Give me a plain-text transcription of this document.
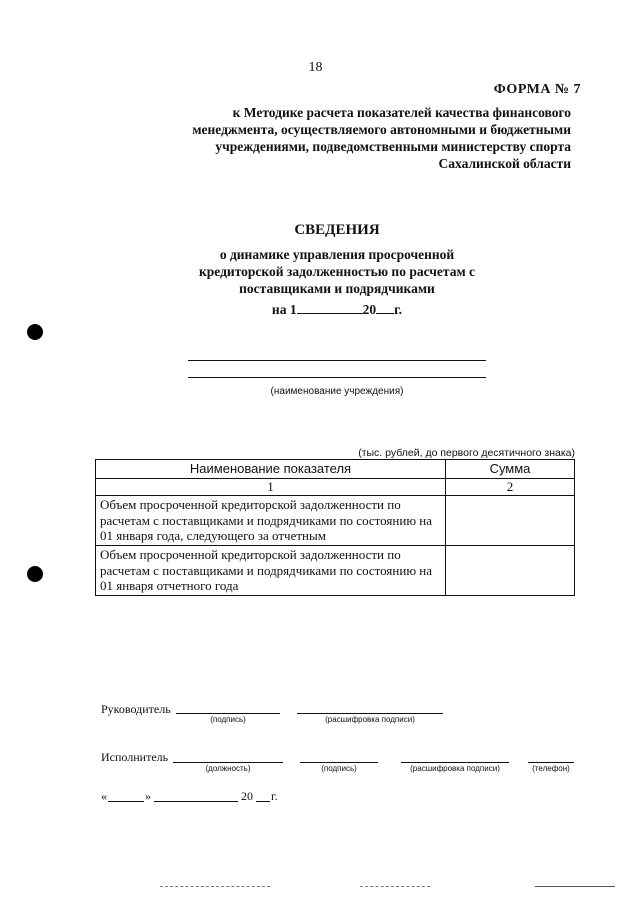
18
ФОРМА № 7
к Методике расчета показателей качества финансового менеджмента, осуществляемого автономными и бюджетными учреждениями, подведомственными министерству спорта Сахалинской области
СВЕДЕНИЯ
о динамике управления просроченной кредиторской задолженностью по расчетам с поставщиками и подрядчиками
на 1	20 г.
(наименование учреждения)
(тыс. рублей, до первого десятичного знака)
Наименование показателя	Сумма
1	2
Объем просроченной кредиторской задолженности по расчетам с поставщиками и подрядчиками по состоянию на 01 января года, следующего за отчетным	
Объем просроченной кредиторской задолженности по расчетам с поставщиками и подрядчиками по состоянию на 01 января отчетного года	
Руководитель
(подпись)	(расшифровка подписи)
Исполнитель
(должность)	(подпись)	(расшифровка подписи)	(телефон)
«	»	20 г.
